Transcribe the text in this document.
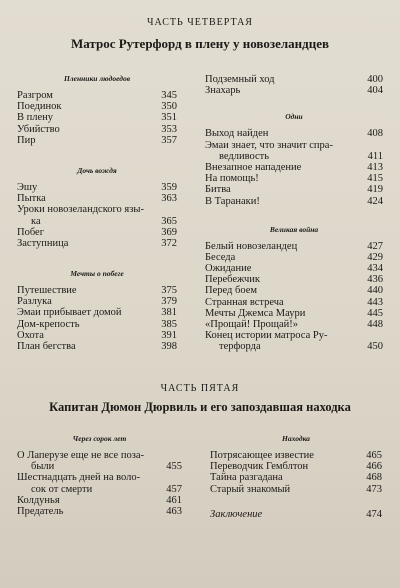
ЧАСТЬ ЧЕТВЕРТАЯ
Матрос Рутерфорд в плену у новозеландцев
Пленники людоедов
Разгром	345
Поединок	350
В плену	351
Убийство	353
Пир	357
Дочь вождя
Эшу	359
Пытка	363
Уроки новозеландского язы-
ка	365
Побег	369
Заступница	372
Мечты о побеге
Путешествие	375
Разлука	379
Эмаи прибывает домой	381
Дом-крепость	385
Охота	391
План бегства	398
Подземный ход	400
Знахарь	404
Одни
Выход найден	408
Эмаи знает, что значит спра-
ведливость	411
Внезапное нападение	413
На помощь!	415
Битва	419
В Таранаки!	424
Великая война
Белый новозеландец	427
Беседа	429
Ожидание	434
Перебежчик	436
Перед боем	440
Странная встреча	443
Мечты Джемса Маури	445
«Прощай! Прощай!»	448
Конец истории матроса Ру-
терфорда	450
ЧАСТЬ ПЯТАЯ
Капитан Дюмон Дюрвиль и его запоздавшая находка
Через сорок лет
О Лаперузе еще не все поза-
были	455
Шестнадцать дней на воло-
сок от смерти	457
Колдунья	461
Предатель	463
Находка
Потрясающее известие	465
Переводчик Гемблтон	466
Тайна разгадана	468
Старый знакомый	473
Заключение	474
